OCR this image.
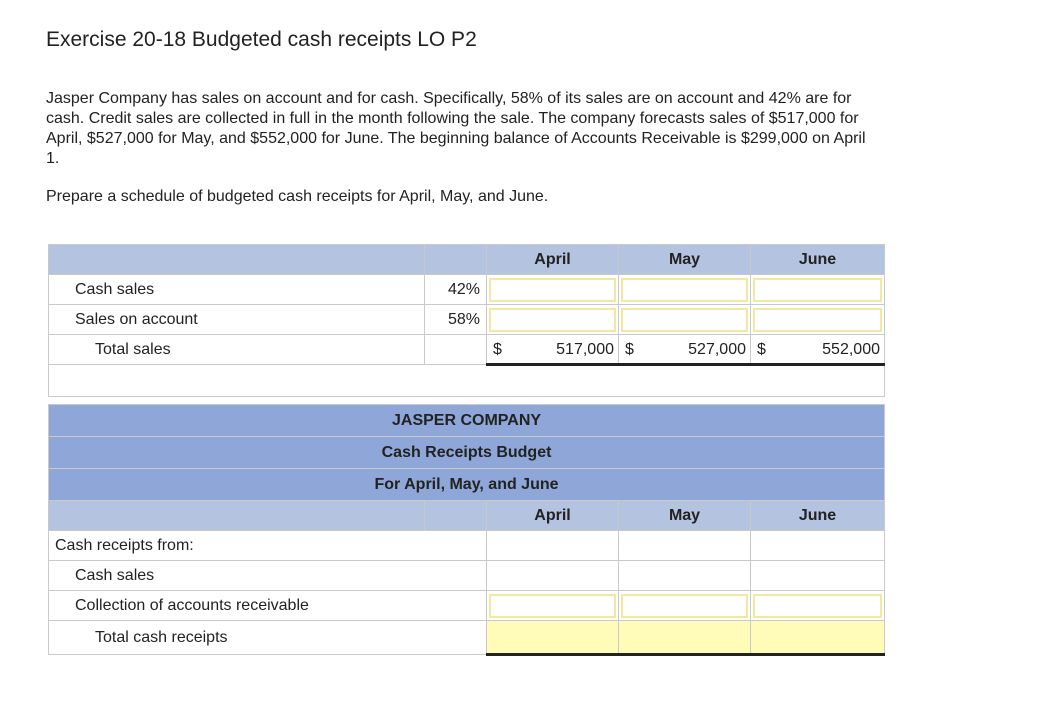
Exercise 20-18 Budgeted cash receipts LO P2
Jasper Company has sales on account and for cash. Specifically, 58% of its sales are on account and 42% are for cash. Credit sales are collected in full in the month following the sale. The company forecasts sales of $517,000 for April, $527,000 for May, and $552,000 for June. The beginning balance of Accounts Receivable is $299,000 on April 1.
Prepare a schedule of budgeted cash receipts for April, May, and June.
		April	May	June
Cash sales	42%	

Sales on account	58%	

Total sales		$ 517,000	$ 527,000	$ 552,000

JASPER COMPANY				
Cash Receipts Budget				
For April, May, and June				
		April	May	June
Cash receipts from:				
Cash sales				
Collection of accounts receivable		

Total cash receipts				
